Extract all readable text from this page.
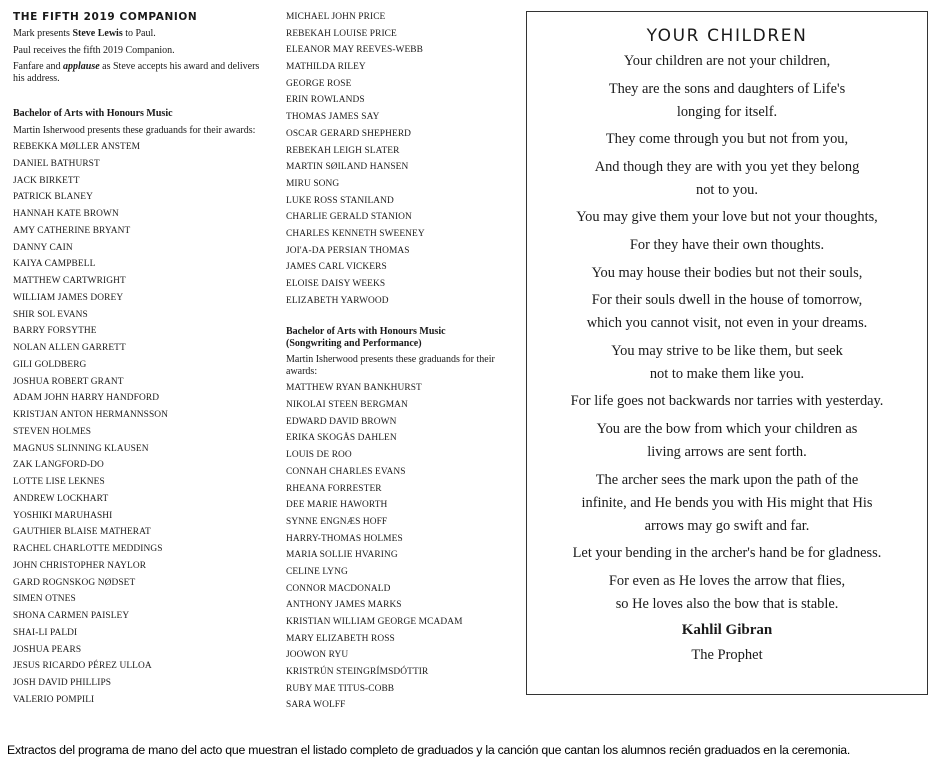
THE FIFTH 2019 COMPANION

Mark presents Steve Lewis to Paul.

Paul receives the fifth 2019 Companion.

Fanfare and applause as Steve accepts his award and delivers his address.

Bachelor of Arts with Honours Music

Martin Isherwood presents these graduands for their awards:

REBEKKA MØLLER ANSTEM
DANIEL BATHURST
JACK BIRKETT
PATRICK BLANEY
HANNAH KATE BROWN
AMY CATHERINE BRYANT
DANNY CAIN
KAIYA CAMPBELL
MATTHEW CARTWRIGHT
WILLIAM JAMES DOREY
SHIR SOL EVANS
BARRY FORSYTHE
NOLAN ALLEN GARRETT
GILI GOLDBERG
JOSHUA ROBERT GRANT
ADAM JOHN HARRY HANDFORD
KRISTJAN ANTON HERMANNSSON
STEVEN HOLMES
MAGNUS SLINNING KLAUSEN
ZAK LANGFORD-DO
LOTTE LISE LEKNES
ANDREW LOCKHART
YOSHIKI MARUHASHI
GAUTHIER BLAISE MATHERAT
RACHEL CHARLOTTE MEDDINGS
JOHN CHRISTOPHER NAYLOR
GARD ROGNSKOG NØDSET
SIMEN OTNES
SHONA CARMEN PAISLEY
SHAI-LI PALDI
JOSHUA PEARS
JESUS RICARDO PÉREZ ULLOA
JOSH DAVID PHILLIPS
VALERIO POMPILI
MICHAEL JOHN PRICE
REBEKAH LOUISE PRICE
ELEANOR MAY REEVES-WEBB
MATHILDA RILEY
GEORGE ROSE
ERIN ROWLANDS
THOMAS JAMES SAY
OSCAR GERARD SHEPHERD
REBEKAH LEIGH SLATER
MARTIN SØILAND HANSEN
MIRU SONG
LUKE ROSS STANILAND
CHARLIE GERALD STANION
CHARLES KENNETH SWEENEY
JOI'A-DA PERSIAN THOMAS
JAMES CARL VICKERS
ELOISE DAISY WEEKS
ELIZABETH YARWOOD
Bachelor of Arts with Honours Music
(Songwriting and Performance)

Martin Isherwood presents these graduands for their awards:

MATTHEW RYAN BANKHURST
NIKOLAI STEEN BERGMAN
EDWARD DAVID BROWN
ERIKA SKOGÅS DAHLEN
LOUIS DE ROO
CONNAH CHARLES EVANS
RHEANA FORRESTER
DEE MARIE HAWORTH
SYNNE ENGNÆS HOFF
HARRY-THOMAS HOLMES
MARIA SOLLIE HVARING
CELINE LYNG
CONNOR MACDONALD
ANTHONY JAMES MARKS
KRISTIAN WILLIAM GEORGE MCADAM
MARY ELIZABETH ROSS
JOOWON RYU
KRISTRÚN STEINGRÍMSDÓTTIR
RUBY MAE TITUS-COBB
SARA WOLFF
YOUR CHILDREN
Your children are not your children,
They are the sons and daughters of Life's
longing for itself.
They come through you but not from you,
And though they are with you yet they belong
not to you.
You may give them your love but not your thoughts,
For they have their own thoughts.
You may house their bodies but not their souls,
For their souls dwell in the house of tomorrow,
which you cannot visit, not even in your dreams.
You may strive to be like them, but seek
not to make them like you.
For life goes not backwards nor tarries with yesterday.
You are the bow from which your children as
living arrows are sent forth.
The archer sees the mark upon the path of the
infinite, and He bends you with His might that His
arrows may go swift and far.
Let your bending in the archer's hand be for gladness.
For even as He loves the arrow that flies,
so He loves also the bow that is stable.
Kahlil Gibran
The Prophet
Extractos del programa de mano del acto que muestran el listado completo de graduados y la canción que cantan los alumnos recién graduados en la ceremonia.
